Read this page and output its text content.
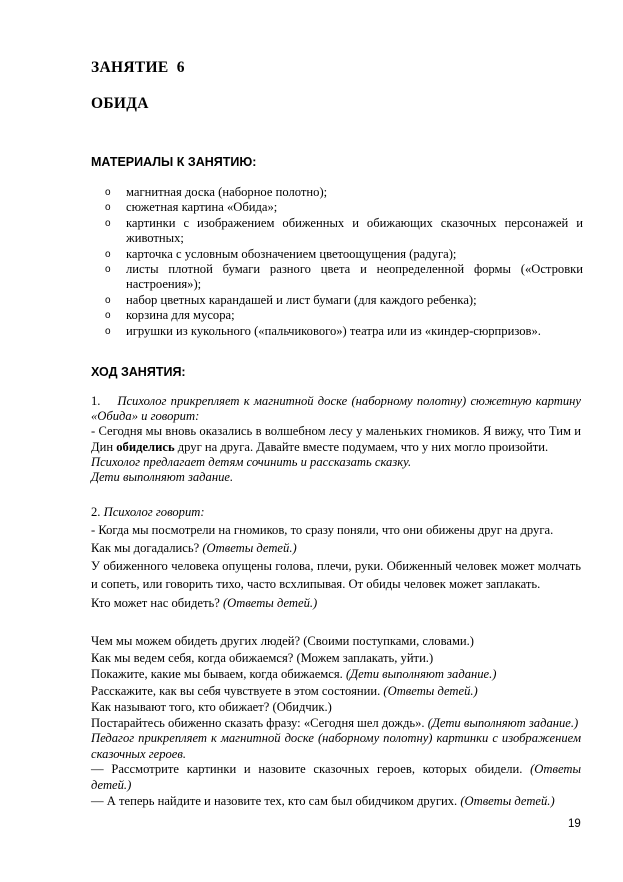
ЗАНЯТИЕ  6
ОБИДА
МАТЕРИАЛЫ К ЗАНЯТИЮ:
o магнитная доска (наборное полотно);
o сюжетная картина «Обида»;
o картинки с изображением обиженных и обижающих сказочных персонажей и животных;
o карточка с условным обозначением цветоощущения (радуга);
o листы плотной бумаги разного цвета и неопределенной формы («Островки настроения»);
o набор цветных карандашей и лист бумаги (для каждого ребенка);
o корзина для мусора;
o игрушки из кукольного («пальчикового») театра или из «киндер-сюрпризов».
ХОД ЗАНЯТИЯ:

1. Психолог прикрепляет к магнитной доске (наборному полотну) сюжетную картину «Обида» и говорит:

- Сегодня мы вновь оказались в волшебном лесу у маленьких гномиков. Я вижу, что Тим и Дин обиделись друг на друга. Давайте вместе подумаем, что у них могло произойти.

Психолог предлагает детям сочинить и рассказать сказку.

Дети выполняют задание.

2. Психолог говорит:

- Когда мы посмотрели на гномиков, то сразу поняли, что они обижены друг на друга.

Как мы догадались? (Ответы детей.)

У обиженного человека опущены голова, плечи, руки. Обиженный человек может молчать и сопеть, или говорить тихо, часто всхлипывая. От обиды человек может заплакать.

Кто может нас обидеть? (Ответы детей.)

Чем мы можем обидеть других людей? (Своими поступками, словами.)

Как мы ведем себя, когда обижаемся? (Можем заплакать, уйти.)

Покажите, какие мы бываем, когда обижаемся. (Дети выполняют задание.)

Расскажите, как вы себя чувствуете в этом состоянии. (Ответы детей.)

Как называют того, кто обижает? (Обидчик.)

Постарайтесь обиженно сказать фразу: «Сегодня шел дождь». (Дети выполняют задание.)

Педагог прикрепляет к магнитной доске (наборному полотну) картинки с изображением сказочных героев.

— Рассмотрите картинки и назовите сказочных героев, которых обидели. (Ответы детей.)

— А теперь найдите и назовите тех, кто сам был обидчиком других. (Ответы детей.)

19
